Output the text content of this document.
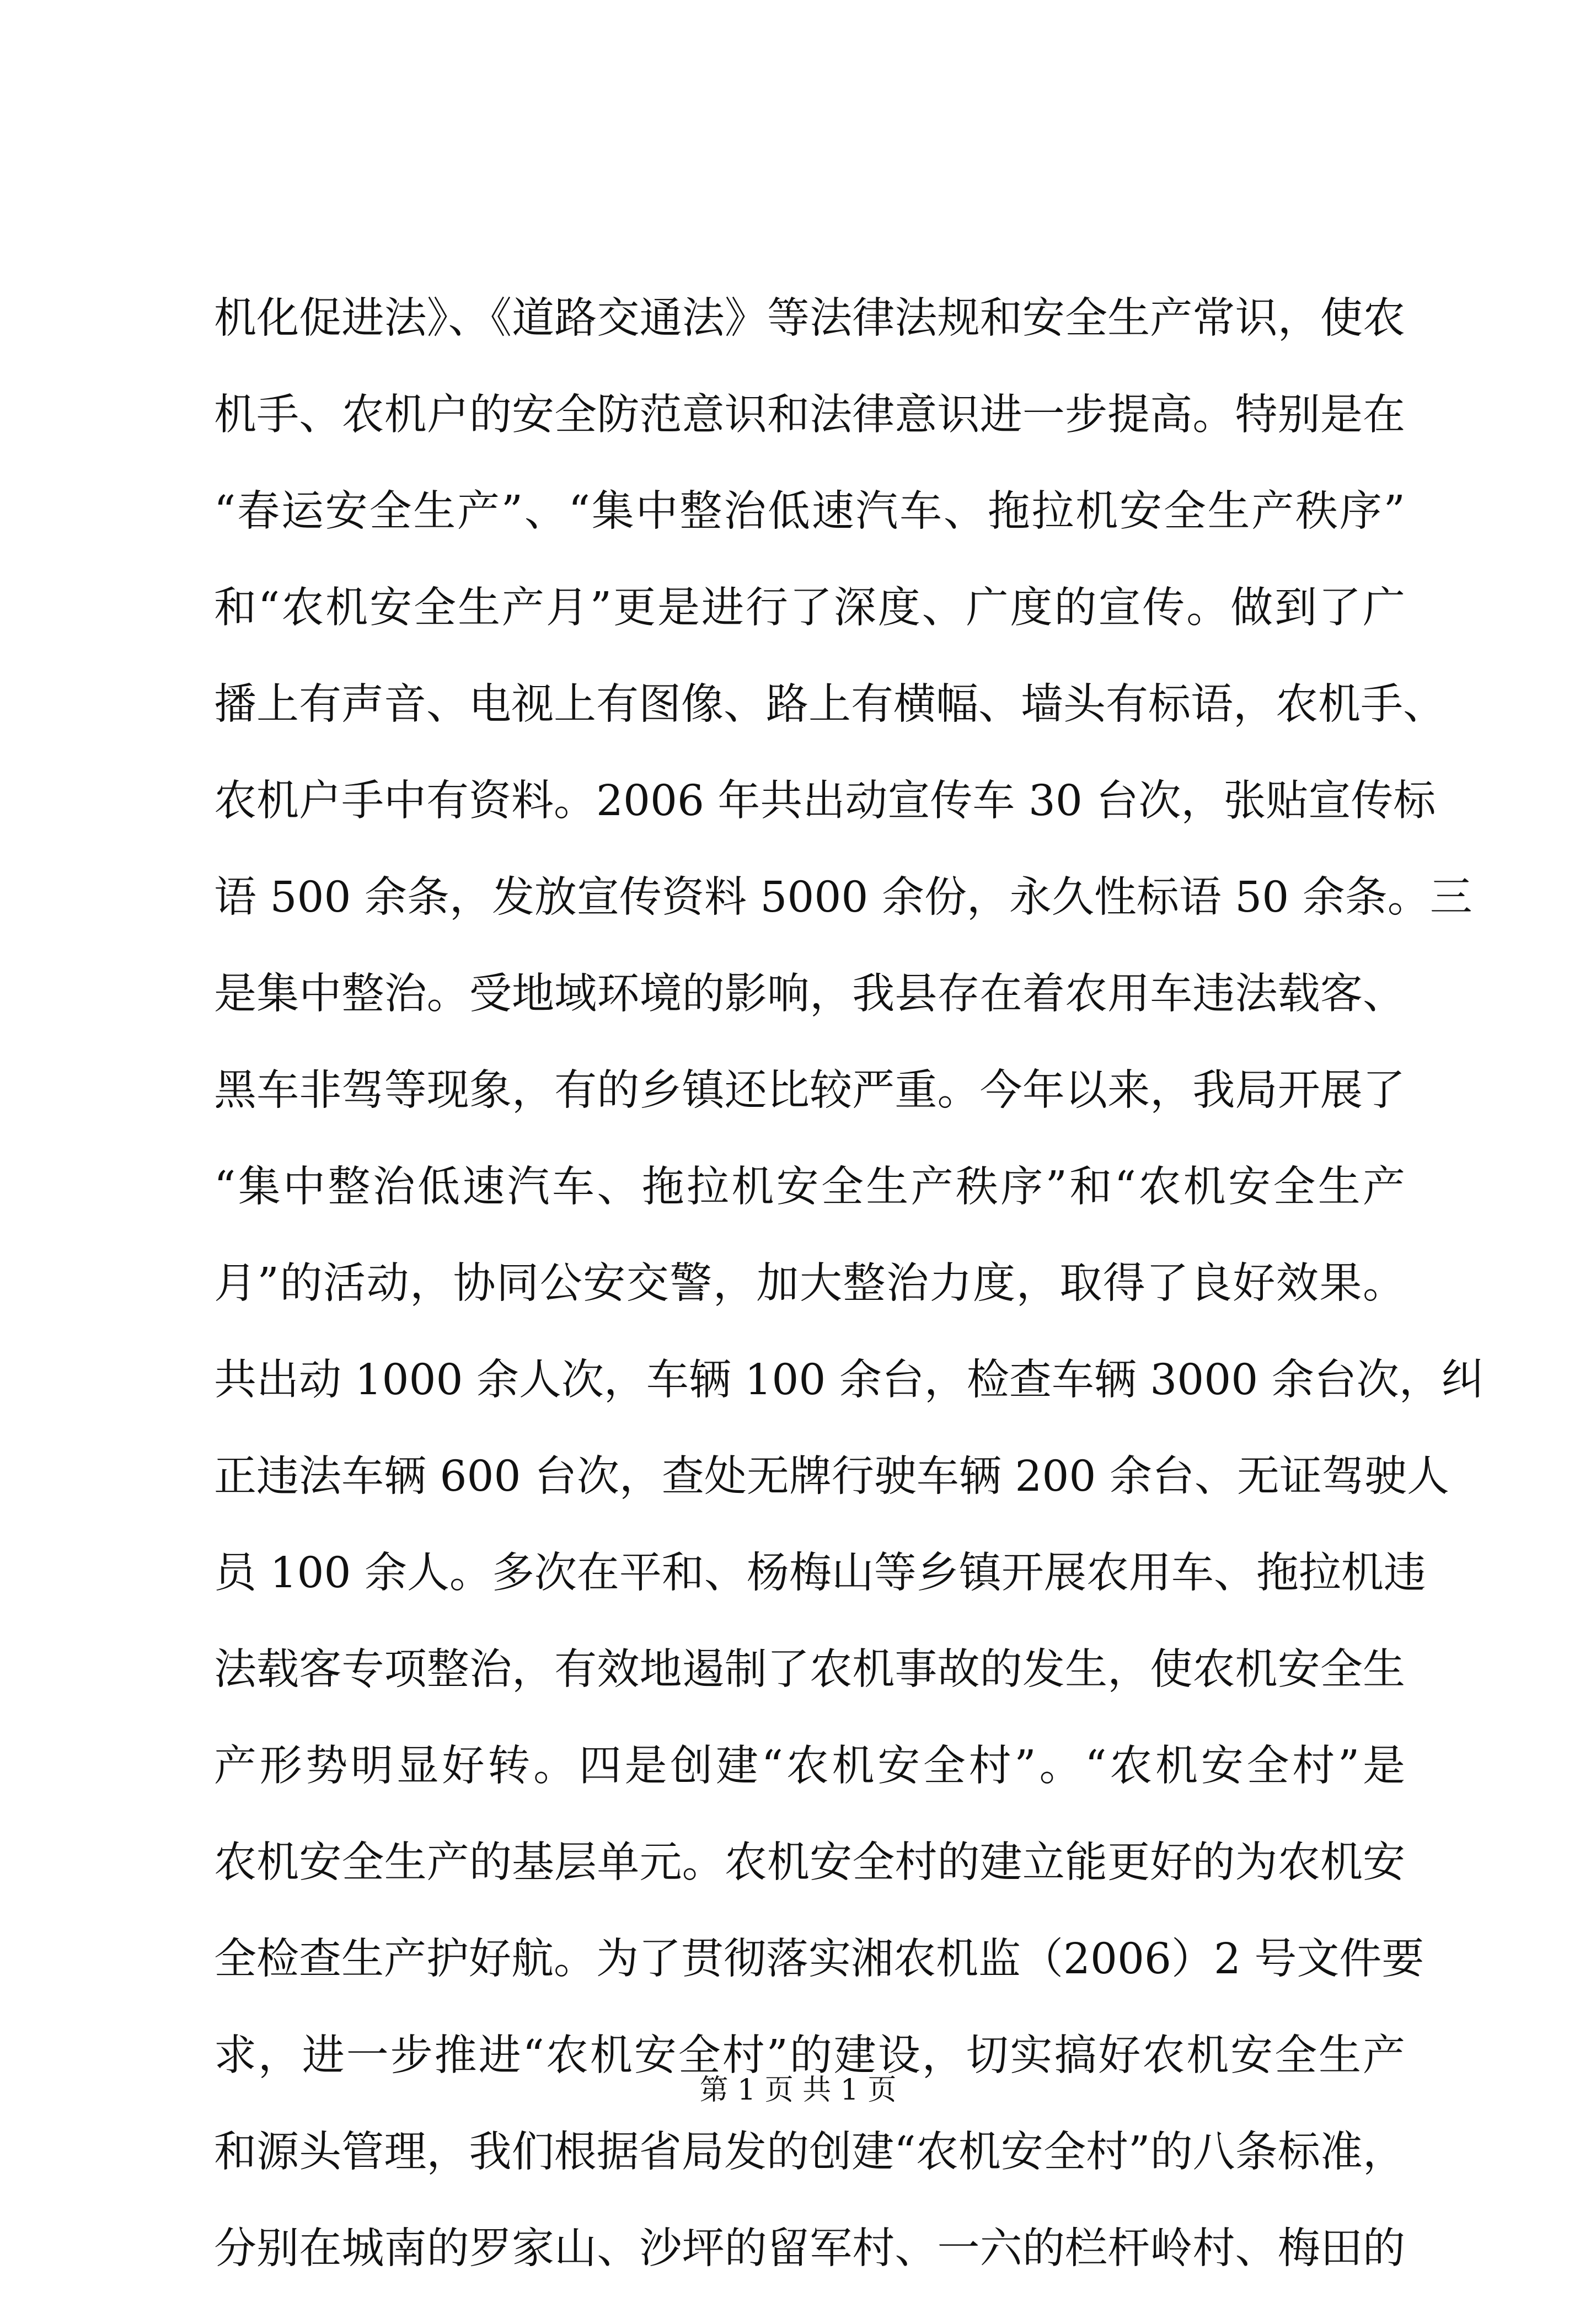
机化促进法》、《道路交通法》等法律法规和安全生产常识，使农
机手、农机户的安全防范意识和法律意识进一步提高。特别是在
“春运安全生产”、“集中整治低速汽车、拖拉机安全生产秩序”
和“农机安全生产月”更是进行了深度、广度的宣传。做到了广
播上有声音、电视上有图像、路上有横幅、墙头有标语，农机手、
农机户手中有资料。2006 年共出动宣传车 30 台次，张贴宣传标
语 500 余条，发放宣传资料 5000 余份，永久性标语 50 余条。三
是集中整治。受地域环境的影响，我县存在着农用车违法载客、
黑车非驾等现象，有的乡镇还比较严重。今年以来，我局开展了
“集中整治低速汽车、拖拉机安全生产秩序”和“农机安全生产
月”的活动，协同公安交警，加大整治力度，取得了良好效果。
共出动 1000 余人次，车辆 100 余台，检查车辆 3000 余台次，纠
正违法车辆 600 台次，查处无牌行驶车辆 200 余台、无证驾驶人
员 100 余人。多次在平和、杨梅山等乡镇开展农用车、拖拉机违
法载客专项整治，有效地遏制了农机事故的发生，使农机安全生
产形势明显好转。四是创建“农机安全村”。“农机安全村”是
农机安全生产的基层单元。农机安全村的建立能更好的为农机安
全检查生产护好航。为了贯彻落实湘农机监（2006）2 号文件要
求，进一步推进“农机安全村”的建设，切实搞好农机安全生产
和源头管理，我们根据省局发的创建“农机安全村”的八条标准，
分别在城南的罗家山、沙坪的留军村、一六的栏杆岭村、梅田的
第 1 页 共 1 页
